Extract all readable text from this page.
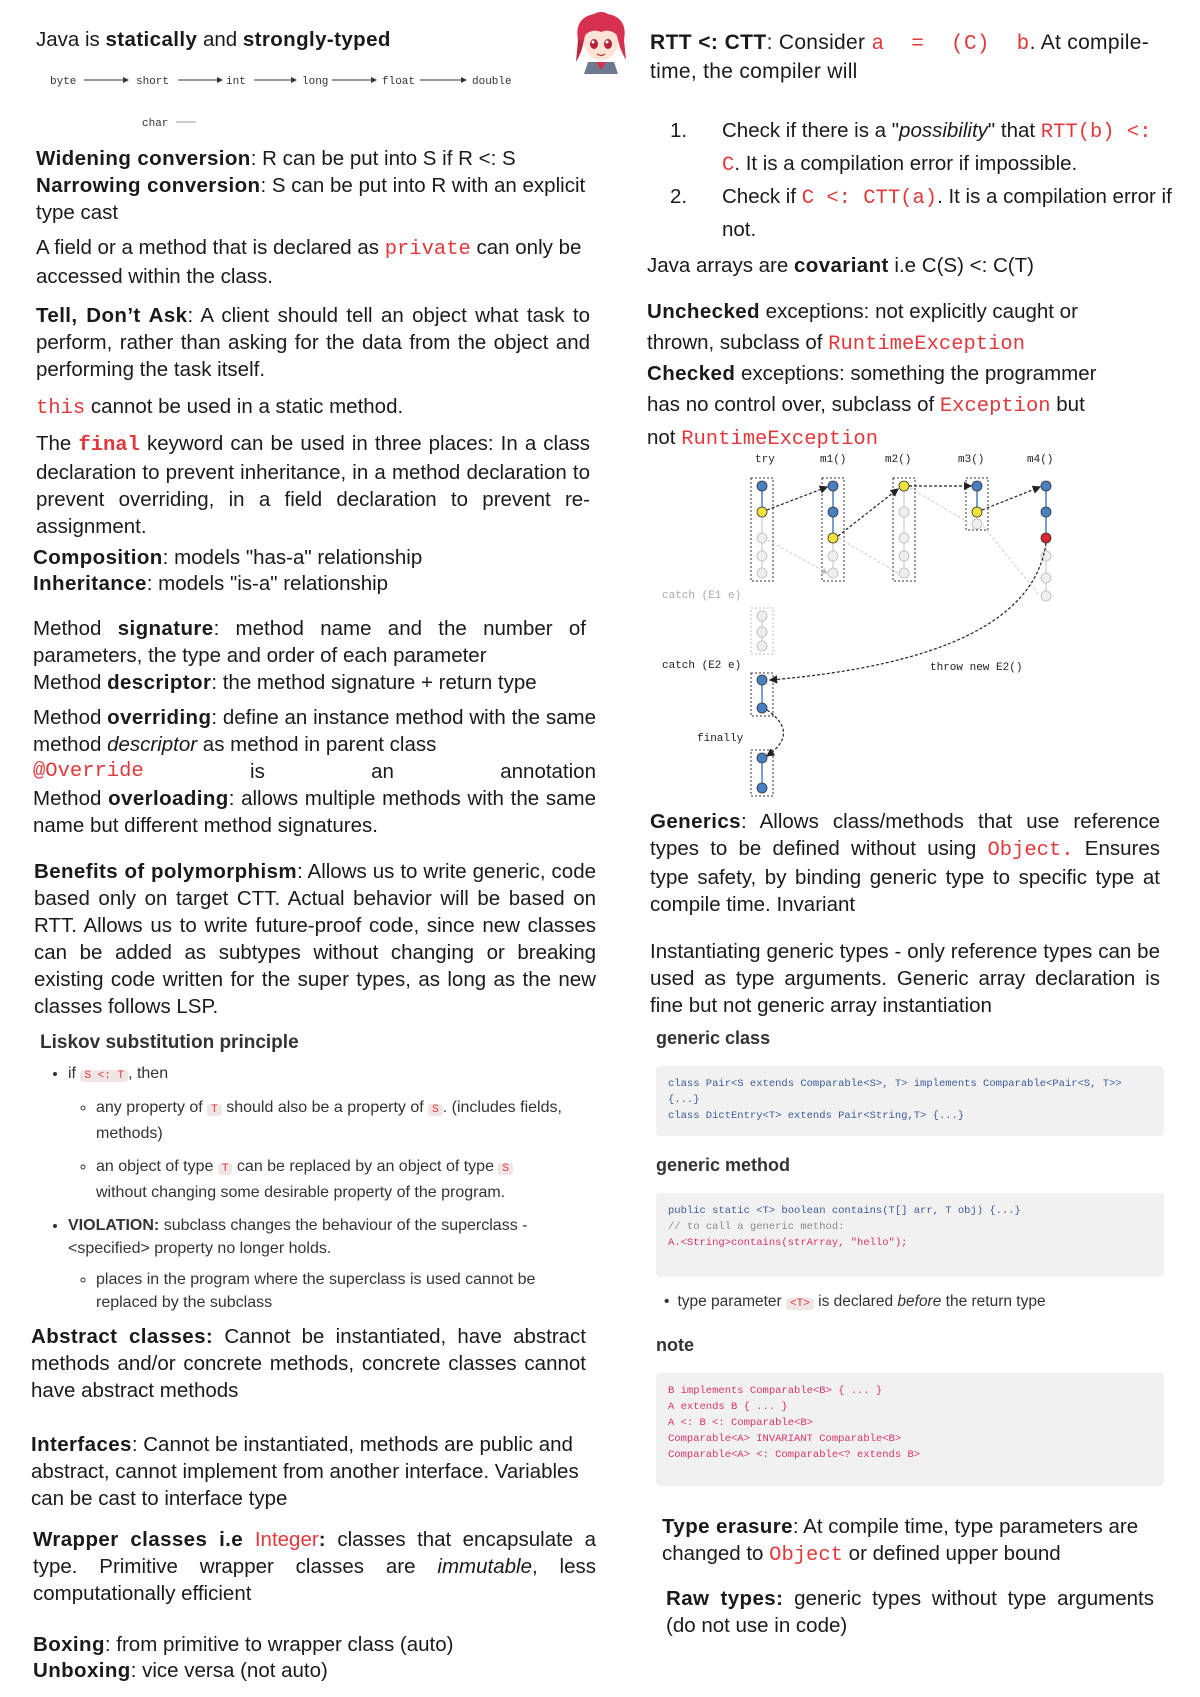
Java is statically and strongly-typed

byte	short	int	long	float	double
char

Widening conversion: R can be put into S if R <: S

Narrowing conversion: S can be put into R with an explicit type cast

A field or a method that is declared as private can only be accessed within the class.

Tell, Don’t Ask: A client should tell an object what task to perform, rather than asking for the data from the object and performing the task itself.

this cannot be used in a static method.

The final keyword can be used in three places: In a class declaration to prevent inheritance, in a method declaration to prevent overriding, in a field declaration to prevent re-assignment.

Composition: models "has-a" relationship

Inheritance: models "is-a" relationship

Method signature: method name and the number of parameters, the type and order of each parameter

Method descriptor: the method signature + return type

Method overriding: define an instance method with the same method descriptor as method in parent class

@Override	is	an	annotation

Method overloading: allows multiple methods with the same name but different method signatures.

Benefits of polymorphism: Allows us to write generic, code based only on target CTT. Actual behavior will be based on RTT. Allows us to write future-proof code, since new classes can be added as subtypes without changing or breaking existing code written for the super types, as long as the new classes follows LSP.

Liskov substitution principle
• if S <: T , then
◦ any property of T should also be a property of S . (includes fields, methods)
◦ an object of type T can be replaced by an object of type S without changing some desirable property of the program.
• VIOLATION: subclass changes the behaviour of the superclass - <specified> property no longer holds.
◦ places in the program where the superclass is used cannot be replaced by the subclass

Abstract classes: Cannot be instantiated, have abstract methods and/or concrete methods, concrete classes cannot have abstract methods

Interfaces: Cannot be instantiated, methods are public and abstract, cannot implement from another interface. Variables can be cast to interface type

Wrapper classes i.e Integer: classes that encapsulate a type. Primitive wrapper classes are immutable, less computationally efficient

Boxing: from primitive to wrapper class (auto)

Unboxing: vice versa (not auto)

RTT <: CTT: Consider a = (C) b. At compile-time, the compiler will

1.	Check if there is a "possibility" that RTT(b) <: C. It is a compilation error if impossible.
2.	Check if C <: CTT(a). It is a compilation error if not.

Java arrays are covariant i.e C(S) <: C(T)

Unchecked exceptions: not explicitly caught or thrown, subclass of RuntimeException

Checked exceptions: something the programmer has no control over, subclass of Exception but not RuntimeException

try	m1()	m2()	m3()	m4()
catch (E1 e)
catch (E2 e)
finally
throw new E2()

Generics: Allows class/methods that use reference types to be defined without using Object. Ensures type safety, by binding generic type to specific type at compile time. Invariant

Instantiating generic types - only reference types can be used as type arguments. Generic array declaration is fine but not generic array instantiation

generic class
class Pair<S extends Comparable<S>, T> implements Comparable<Pair<S, T>> {...}
class DictEntry<T> extends Pair<String,T> {...}
generic method
public static <T> boolean contains(T[] arr, T obj) {...}
// to call a generic method:
A.<String>contains(strArray, "hello");
• type parameter <T> is declared before the return type
note
B implements Comparable<B> { ... }
A extends B { ... }
A <: B <: Comparable<B>
Comparable<A> INVARIANT Comparable<B>
Comparable<A> <: Comparable<? extends B>

Type erasure: At compile time, type parameters are changed to Object or defined upper bound

Raw types: generic types without type arguments (do not use in code)
